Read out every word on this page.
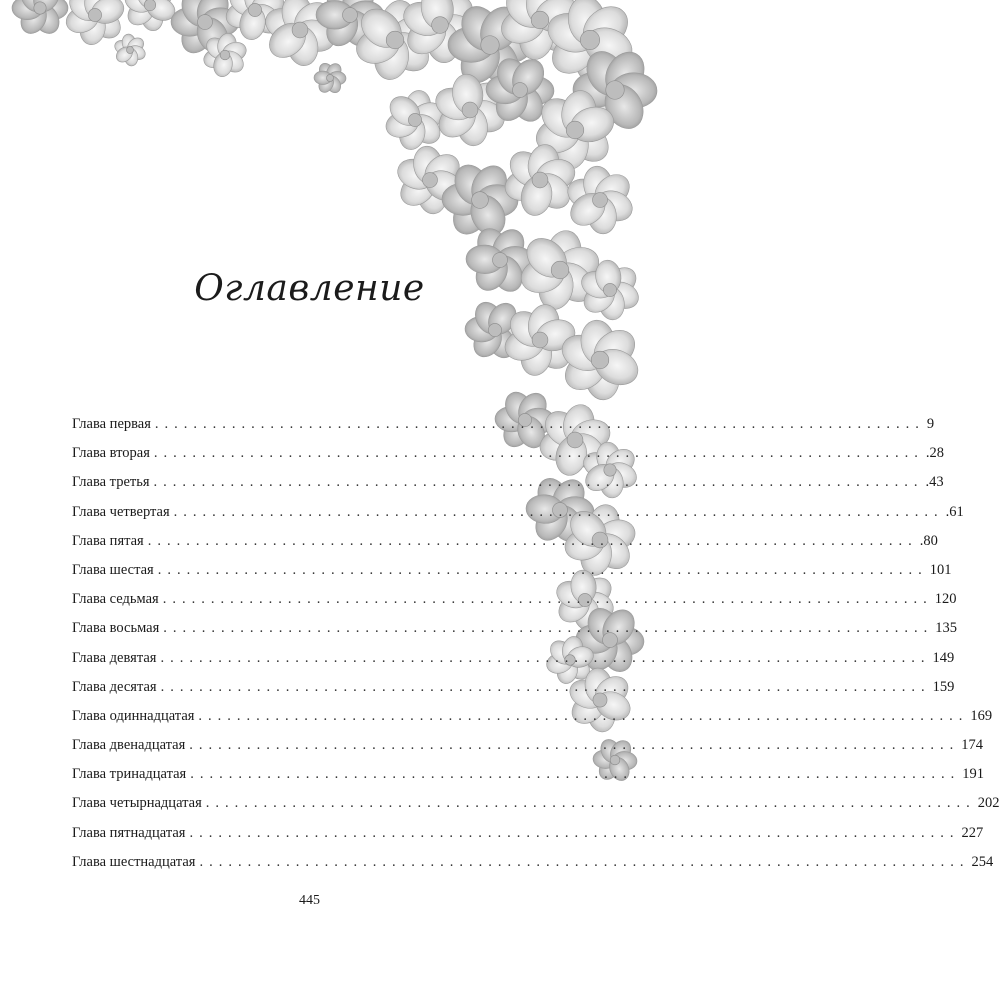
Оглавление
Глава первая ................................................................................ 9
Глава вторая ................................................................................ .28
Глава третья ................................................................................ .43
Глава четвертая ................................................................................ .61
Глава пятая ................................................................................ .80
Глава шестая ................................................................................ 101
Глава седьмая ................................................................................ 120
Глава восьмая ................................................................................ 135
Глава девятая ................................................................................ 149
Глава десятая ................................................................................ 159
Глава одиннадцатая ................................................................................ 169
Глава двенадцатая ................................................................................ 174
Глава тринадцатая ................................................................................ 191
Глава четырнадцатая ................................................................................ 202
Глава пятнадцатая ................................................................................ 227
Глава шестнадцатая ................................................................................ 254
445
